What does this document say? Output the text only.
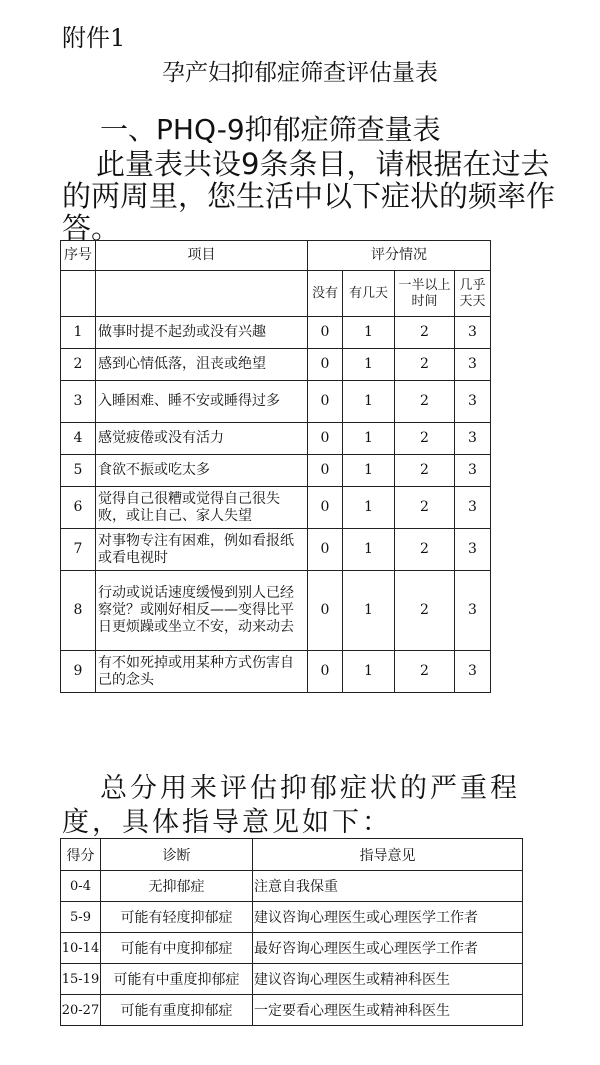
附件1
孕产妇抑郁症筛查评估量表
一、PHQ-9抑郁症筛查量表
此量表共设9条条目，请根据在过去的两周里，您生活中以下症状的频率作答。
序号	项目	评分情况			
		没有	有几天	一半以上时间	几乎天天
1	做事时提不起劲或没有兴趣	0	1	2	3
2	感到心情低落，沮丧或绝望	0	1	2	3
3	入睡困难、睡不安或睡得过多	0	1	2	3
4	感觉疲倦或没有活力	0	1	2	3
5	食欲不振或吃太多	0	1	2	3
6	觉得自己很糟或觉得自己很失败，或让自己、家人失望	0	1	2	3
7	对事物专注有困难，例如看报纸或看电视时	0	1	2	3
8	行动或说话速度缓慢到别人已经察觉？或刚好相反——变得比平日更烦躁或坐立不安，动来动去	0	1	2	3
9	有不如死掉或用某种方式伤害自己的念头	0	1	2	3
总分用来评估抑郁症状的严重程度，具体指导意见如下：
得分	诊断	指导意见
0-4	无抑郁症	注意自我保重
5-9	可能有轻度抑郁症	建议咨询心理医生或心理医学工作者
10-14	可能有中度抑郁症	最好咨询心理医生或心理医学工作者
15-19	可能有中重度抑郁症	建议咨询心理医生或精神科医生
20-27	可能有重度抑郁症	一定要看心理医生或精神科医生
